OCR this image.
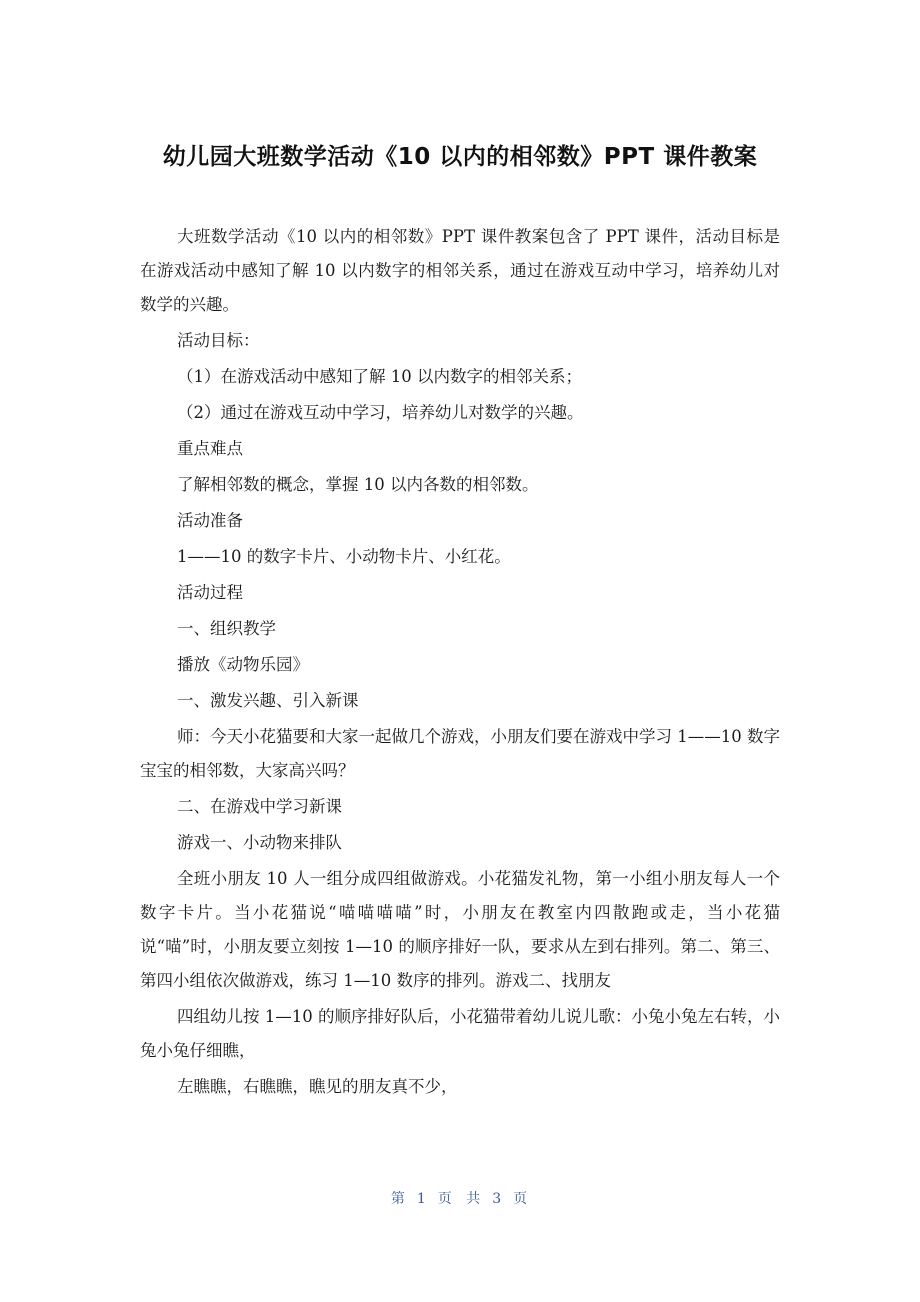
幼儿园大班数学活动《10 以内的相邻数》PPT 课件教案

大班数学活动《10 以内的相邻数》PPT 课件教案包含了 PPT 课件，活动目标是在游戏活动中感知了解 10 以内数字的相邻关系，通过在游戏互动中学习，培养幼儿对数学的兴趣。

活动目标：

（1）在游戏活动中感知了解 10 以内数字的相邻关系；

（2）通过在游戏互动中学习，培养幼儿对数学的兴趣。

重点难点

了解相邻数的概念，掌握 10 以内各数的相邻数。

活动准备

1——10 的数字卡片、小动物卡片、小红花。

活动过程

一、组织教学

播放《动物乐园》

一、激发兴趣、引入新课

师：今天小花猫要和大家一起做几个游戏，小朋友们要在游戏中学习 1——10 数字宝宝的相邻数，大家高兴吗？

二、在游戏中学习新课

游戏一、小动物来排队

全班小朋友 10 人一组分成四组做游戏。小花猫发礼物，第一小组小朋友每人一个数字卡片。当小花猫说“喵喵喵喵”时，小朋友在教室内四散跑或走，当小花猫说“喵”时，小朋友要立刻按 1—10 的顺序排好一队，要求从左到右排列。第二、第三、第四小组依次做游戏，练习 1—10 数序的排列。游戏二、找朋友

四组幼儿按 1—10 的顺序排好队后，小花猫带着幼儿说儿歌：小兔小兔左右转，小兔小兔仔细瞧，

左瞧瞧，右瞧瞧，瞧见的朋友真不少，

第 1 页 共 3 页
